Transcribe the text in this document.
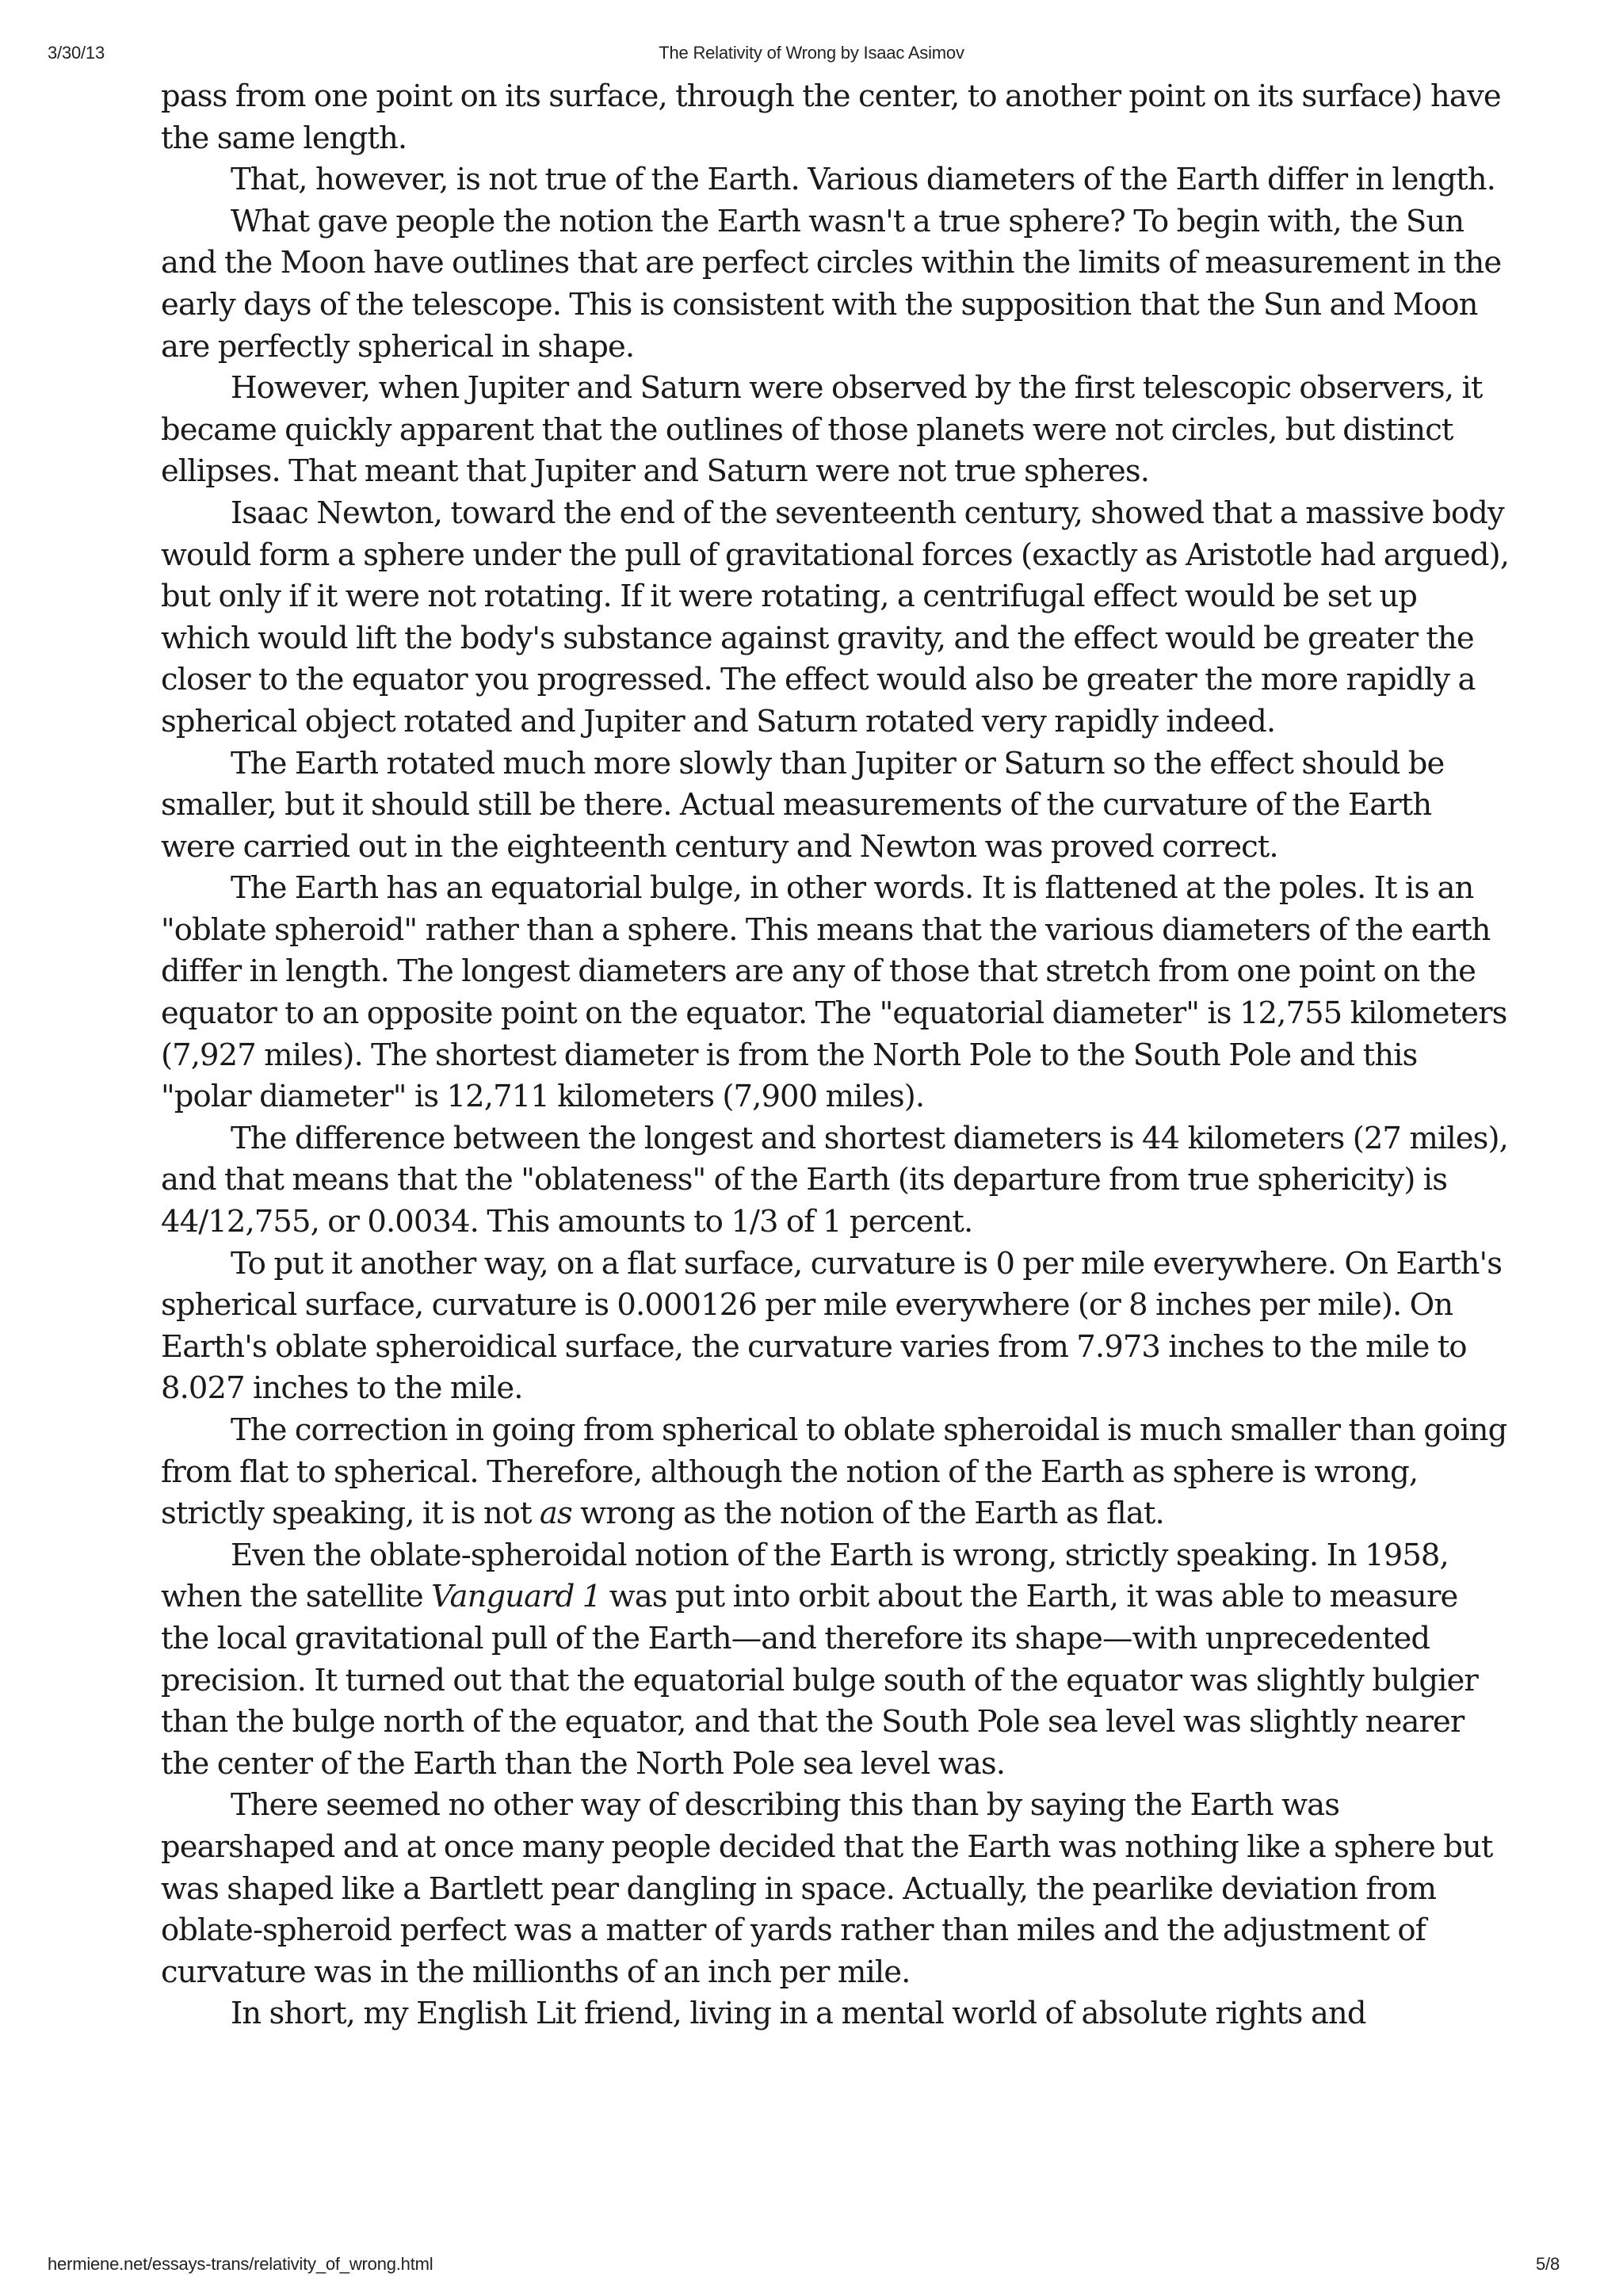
3/30/13	The Relativity of Wrong by Isaac Asimov

pass from one point on its surface, through the center, to another point on its surface) have the same length.

That, however, is not true of the Earth. Various diameters of the Earth differ in length.

What gave people the notion the Earth wasn't a true sphere? To begin with, the Sun and the Moon have outlines that are perfect circles within the limits of measurement in the early days of the telescope. This is consistent with the supposition that the Sun and Moon are perfectly spherical in shape.

However, when Jupiter and Saturn were observed by the first telescopic observers, it became quickly apparent that the outlines of those planets were not circles, but distinct ellipses. That meant that Jupiter and Saturn were not true spheres.

Isaac Newton, toward the end of the seventeenth century, showed that a massive body would form a sphere under the pull of gravitational forces (exactly as Aristotle had argued), but only if it were not rotating. If it were rotating, a centrifugal effect would be set up which would lift the body's substance against gravity, and the effect would be greater the closer to the equator you progressed. The effect would also be greater the more rapidly a spherical object rotated and Jupiter and Saturn rotated very rapidly indeed.

The Earth rotated much more slowly than Jupiter or Saturn so the effect should be smaller, but it should still be there. Actual measurements of the curvature of the Earth were carried out in the eighteenth century and Newton was proved correct.

The Earth has an equatorial bulge, in other words. It is flattened at the poles. It is an "oblate spheroid" rather than a sphere. This means that the various diameters of the earth differ in length. The longest diameters are any of those that stretch from one point on the equator to an opposite point on the equator. The "equatorial diameter" is 12,755 kilometers (7,927 miles). The shortest diameter is from the North Pole to the South Pole and this "polar diameter" is 12,711 kilometers (7,900 miles).

The difference between the longest and shortest diameters is 44 kilometers (27 miles), and that means that the "oblateness" of the Earth (its departure from true sphericity) is 44/12,755, or 0.0034. This amounts to 1/3 of 1 percent.

To put it another way, on a flat surface, curvature is 0 per mile everywhere. On Earth's spherical surface, curvature is 0.000126 per mile everywhere (or 8 inches per mile). On Earth's oblate spheroidical surface, the curvature varies from 7.973 inches to the mile to 8.027 inches to the mile.

The correction in going from spherical to oblate spheroidal is much smaller than going from flat to spherical. Therefore, although the notion of the Earth as sphere is wrong, strictly speaking, it is not as wrong as the notion of the Earth as flat.

Even the oblate-spheroidal notion of the Earth is wrong, strictly speaking. In 1958, when the satellite Vanguard 1 was put into orbit about the Earth, it was able to measure the local gravitational pull of the Earth—and therefore its shape—with unprecedented precision. It turned out that the equatorial bulge south of the equator was slightly bulgier than the bulge north of the equator, and that the South Pole sea level was slightly nearer the center of the Earth than the North Pole sea level was.

There seemed no other way of describing this than by saying the Earth was pearshaped and at once many people decided that the Earth was nothing like a sphere but was shaped like a Bartlett pear dangling in space. Actually, the pearlike deviation from oblate-spheroid perfect was a matter of yards rather than miles and the adjustment of curvature was in the millionths of an inch per mile.

In short, my English Lit friend, living in a mental world of absolute rights and

hermiene.net/essays-trans/relativity_of_wrong.html	5/8
